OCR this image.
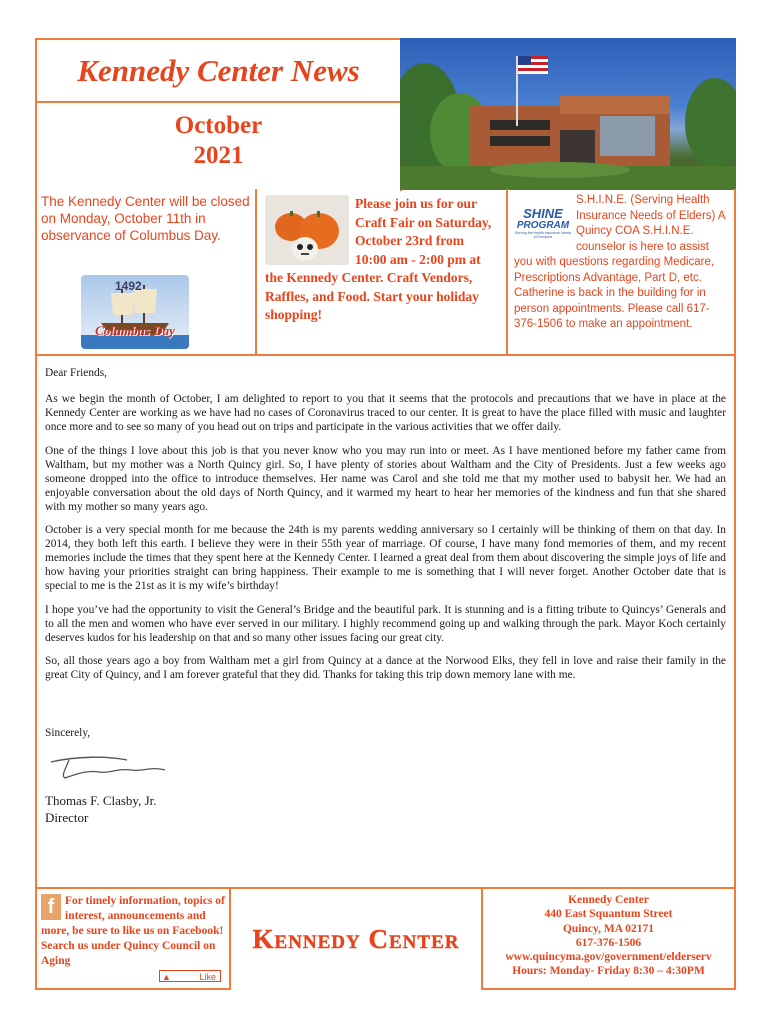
Kennedy Center News
October
2021

The Kennedy Center will be closed on Monday, October 11th in observance of Columbus Day.

1492
Columbus Day

Please join us for our Craft Fair on Saturday, October 23rd from 10:00 am - 2:00 pm at the Kennedy Center. Craft Vendors, Raffles, and Food. Start your holiday shopping!

SHINE
PROGRAM
Serving the Health Insurance Needs of Everyone

S.H.I.N.E. (Serving Health Insurance Needs of Elders) A Quincy COA S.H.I.N.E. counselor is here to assist you with questions regarding Medicare, Prescriptions Advantage, Part D, etc. Catherine is back in the building for in person appointments. Please call 617-376-1506 to make an appointment.

Dear Friends,

As we begin the month of October, I am delighted to report to you that it seems that the protocols and precautions that we have in place at the Kennedy Center are working as we have had no cases of Coronavirus traced to our center. It is great to have the place filled with music and laughter once more and to see so many of you head out on trips and participate in the various activities that we offer daily.

One of the things I love about this job is that you never know who you may run into or meet. As I have mentioned before my father came from Waltham, but my mother was a North Quincy girl. So, I have plenty of stories about Waltham and the City of Presidents. Just a few weeks ago someone dropped into the office to introduce themselves. Her name was Carol and she told me that my mother used to babysit her. We had an enjoyable conversation about the old days of North Quincy, and it warmed my heart to hear her memories of the kindness and fun that she shared with my mother so many years ago.

October is a very special month for me because the 24th is my parents wedding anniversary so I certainly will be thinking of them on that day. In 2014, they both left this earth. I believe they were in their 55th year of marriage. Of course, I have many fond memories of them, and my recent memories include the times that they spent here at the Kennedy Center. I learned a great deal from them about discovering the simple joys of life and how having your priorities straight can bring happiness. Their example to me is something that I will never forget. Another October date that is special to me is the 21st as it is my wife’s birthday!

I hope you’ve had the opportunity to visit the General’s Bridge and the beautiful park. It is stunning and is a fitting tribute to Quincys’ Generals and to all the men and women who have ever served in our military. I highly recommend going up and walking through the park. Mayor Koch certainly deserves kudos for his leadership on that and so many other issues facing our great city.

So, all those years ago a boy from Waltham met a girl from Quincy at a dance at the Norwood Elks, they fell in love and raise their family in the great City of Quincy, and I am forever grateful that they did. Thanks for taking this trip down memory lane with me.

Sincerely,

Thomas F. Clasby, Jr.
Director
f For timely information, topics of interest, announcements and more, be sure to like us on Facebook! Search us under Quincy Council on Aging

▲	Like
Kennedy Center

Kennedy Center

440 East Squantum Street

Quincy, MA 02171

617-376-1506

www.quincyma.gov/government/elderserv

Hours: Monday- Friday 8:30 – 4:30PM
